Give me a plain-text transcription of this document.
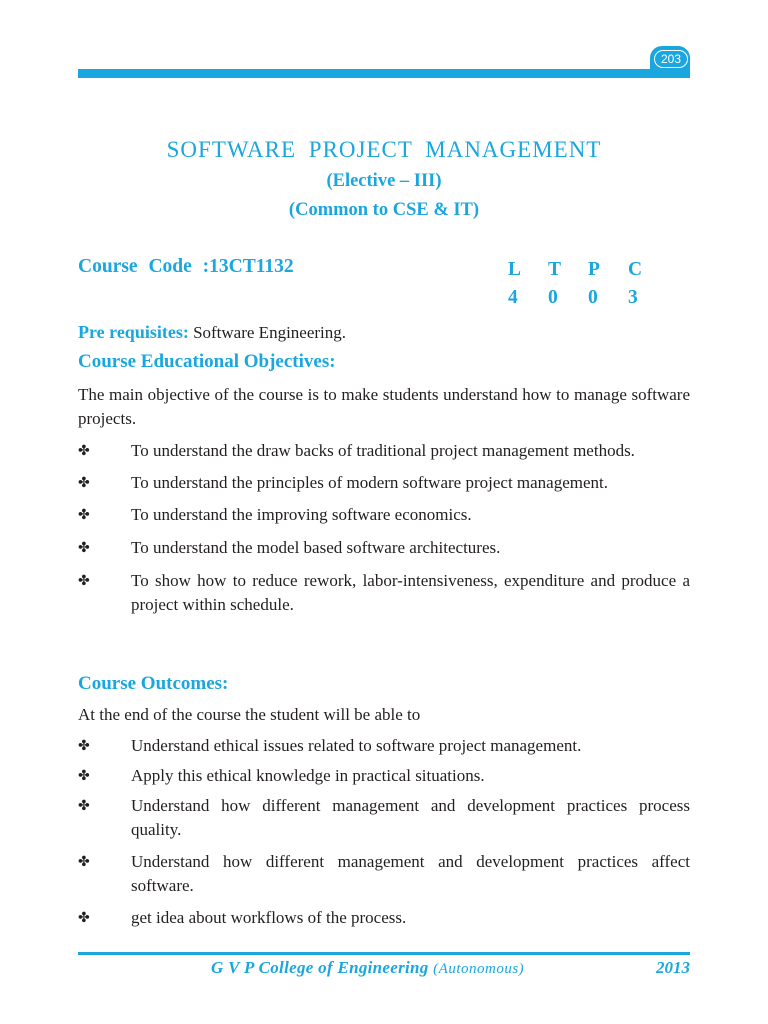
203
SOFTWARE PROJECT MANAGEMENT
(Elective – III)
(Common to CSE & IT)
Course Code :13CT1132	L	T	P	C
4	0	0	3

Pre requisites: Software Engineering.

Course Educational Objectives:

The main objective of the course is to make students understand how to manage software projects.

✤ To understand the draw backs of traditional project management methods.
✤ To understand the principles of modern software project management.
✤ To understand the improving software economics.
✤ To understand the model based software architectures.
✤ To show how to reduce rework, labor-intensiveness, expenditure and produce a project within schedule.
Course Outcomes:

At the end of the course the student will be able to

✤ Understand ethical issues related to software project management.
✤ Apply this ethical knowledge in practical situations.
✤ Understand how different management and development practices process quality.
✤ Understand how different management and development practices affect software.
✤ get idea about workflows of the process.
G V P College of Engineering (Autonomous)	2013
